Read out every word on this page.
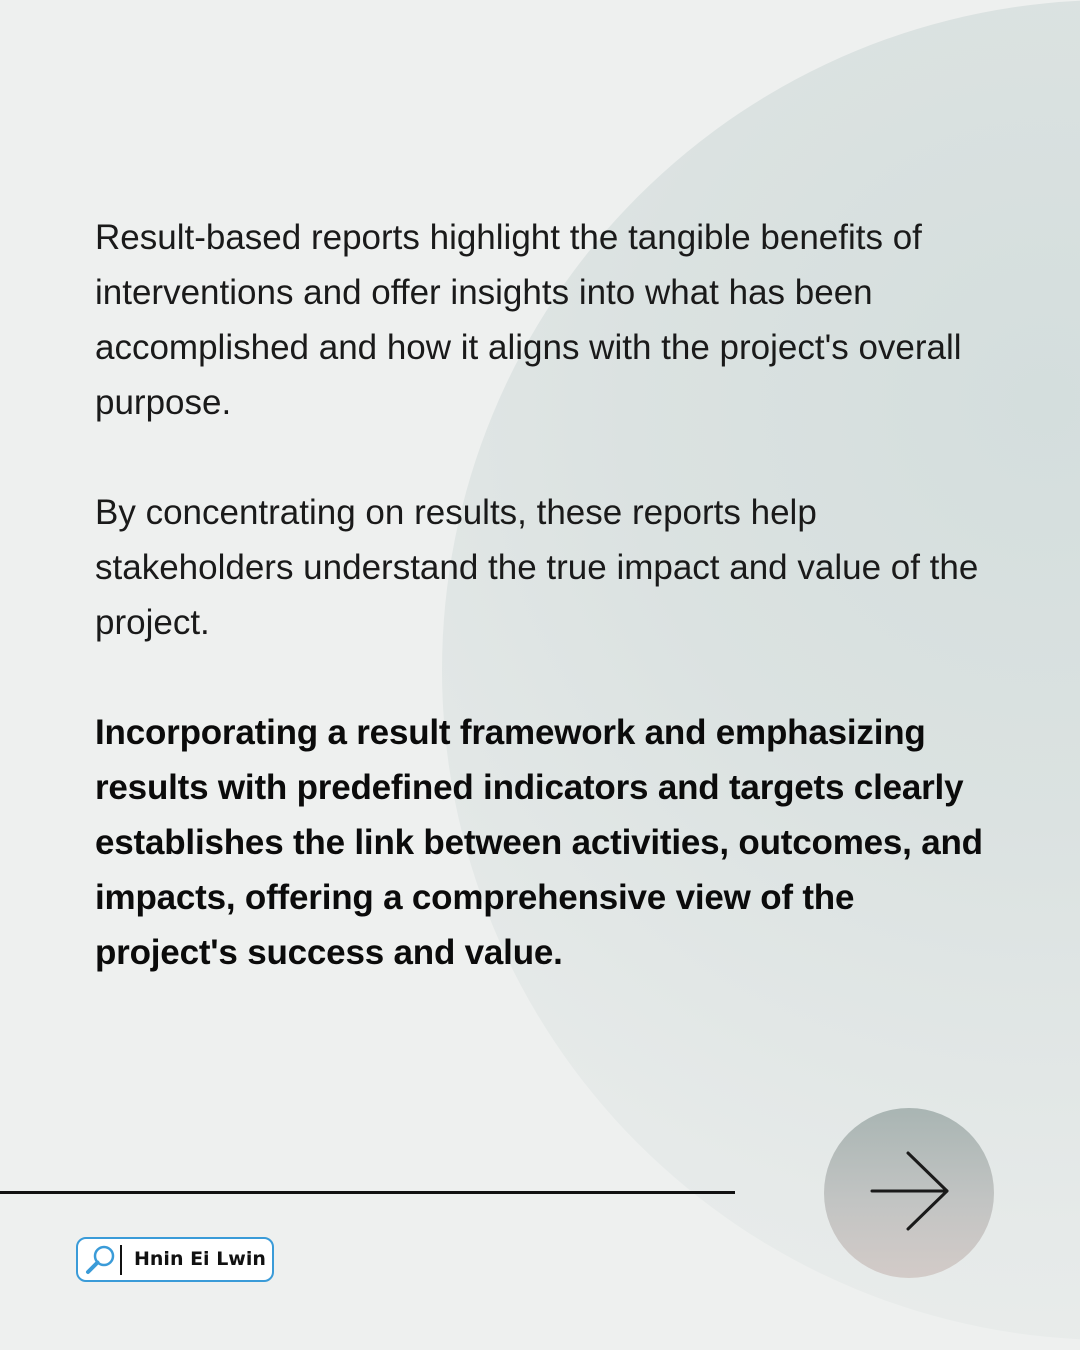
Result-based reports highlight the tangible benefits of interventions and offer insights into what has been accomplished and how it aligns with the project's overall purpose.

By concentrating on results, these reports help stakeholders understand the true impact and value of the project.

Incorporating a result framework and emphasizing results with predefined indicators and targets clearly establishes the link between activities, outcomes, and impacts, offering a comprehensive view of the project's success and value.

Hnin Ei Lwin
